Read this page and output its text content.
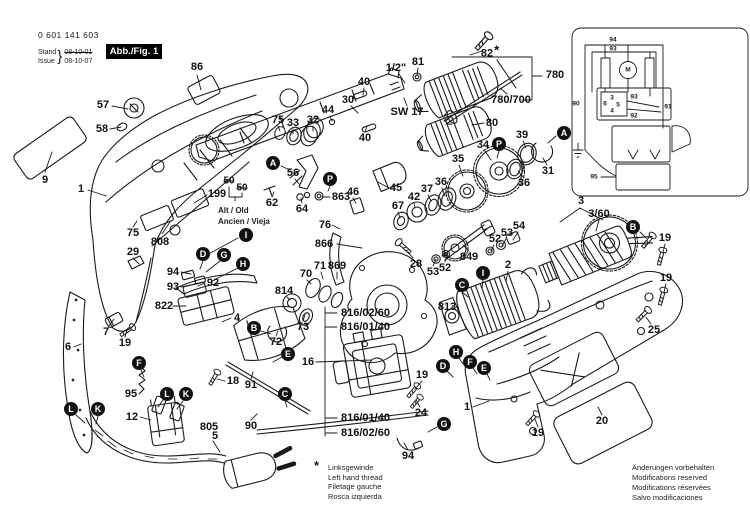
0 601 141 603
Stand
Issue } 08-10-01
08-10-07
Abb./Fig. 1
Alt / Old
Ancien / Vieja
* Linksgewinde
Left hand thread
Filetage gauche
Rosca izquierda
Änderungen vorbehalten
Modifications reserved
Modifications réservées
Salvo modificaciones
86
57
58
9
1	199
75
808
29
94
93	92
822
4
7
19
6
95
12
805
5
18 91
90
72
73
814
70
71 869
866
76
56
62 64
863
46	45
67
42
37
36
35
34
39
36
31
28
53 52
52 53
54
849
2
813
816/02/60
816/01/40
16
816/01/40
816/02/60
19
24
94
1
3
3/60
19
19
25
20
19
80
780
780/700
82*
81
1/2"
SW 17
40
30
44
40
75 33 32
50
50
A
P
P
A
I
D	G
H
B
E
F
L	K
L	K	C
I
C
D
H
F
E
G
B
94
93
90	91
95
M
3
6 5
4
93
92
